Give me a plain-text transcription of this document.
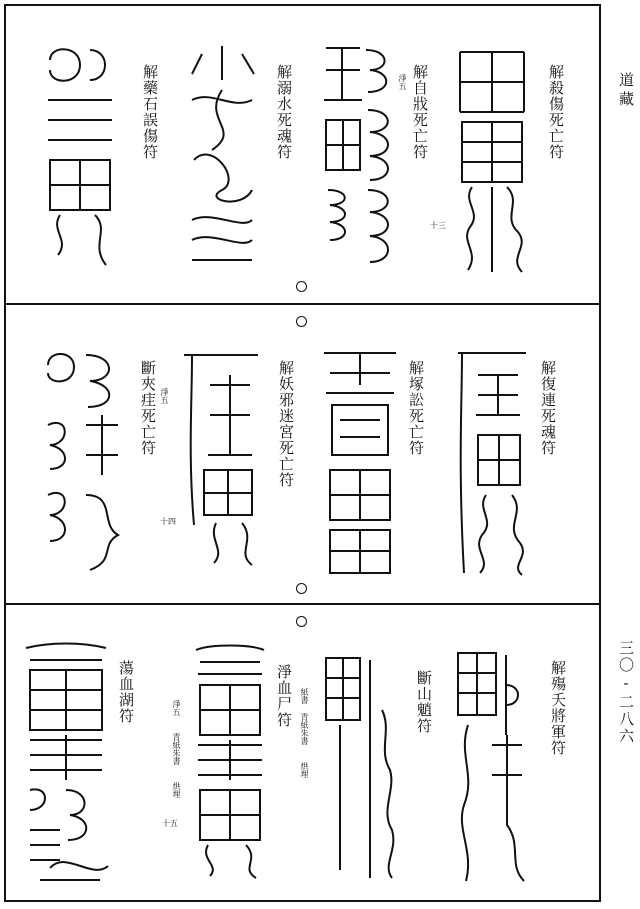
道藏
三〇-二八六
解殺傷死亡符
解自戕死亡符
淨五
十三
解溺水死魂符
解藥石誤傷符
解復連死魂符
解塚訟死亡符
解妖邪迷宮死亡符
斷夾疰死亡符 淨五
十四
解殤夭將軍符
斷山魈符
淨血尸符 紙書 青紙朱書 　烘埋
蕩血湖符
淨五 　青紙朱書 　烘埋
十五
